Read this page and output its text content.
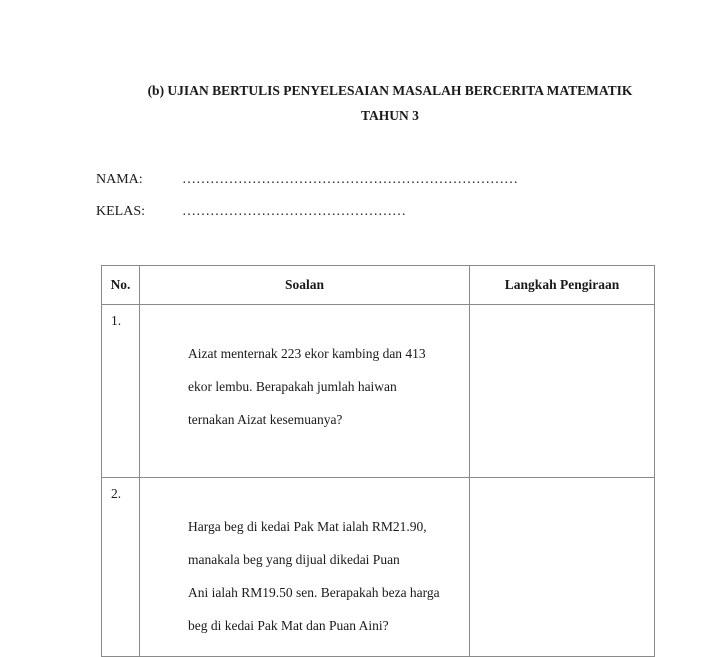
(b) UJIAN BERTULIS PENYELESAIAN MASALAH BERCERITA MATEMATIK
TAHUN 3
NAMA:	………………………………………………………………
KELAS:	…………………………………………
No.	Soalan	Langkah Pengiraan
1.	Aizat menternak 223 ekor kambing dan 413
ekor lembu. Berapakah jumlah haiwan
ternakan Aizat kesemuanya?	

2.	Harga beg di kedai Pak Mat ialah RM21.90,
manakala beg yang dijual dikedai Puan
Ani ialah RM19.50 sen. Berapakah beza harga
beg di kedai Pak Mat dan Puan Aini?	
